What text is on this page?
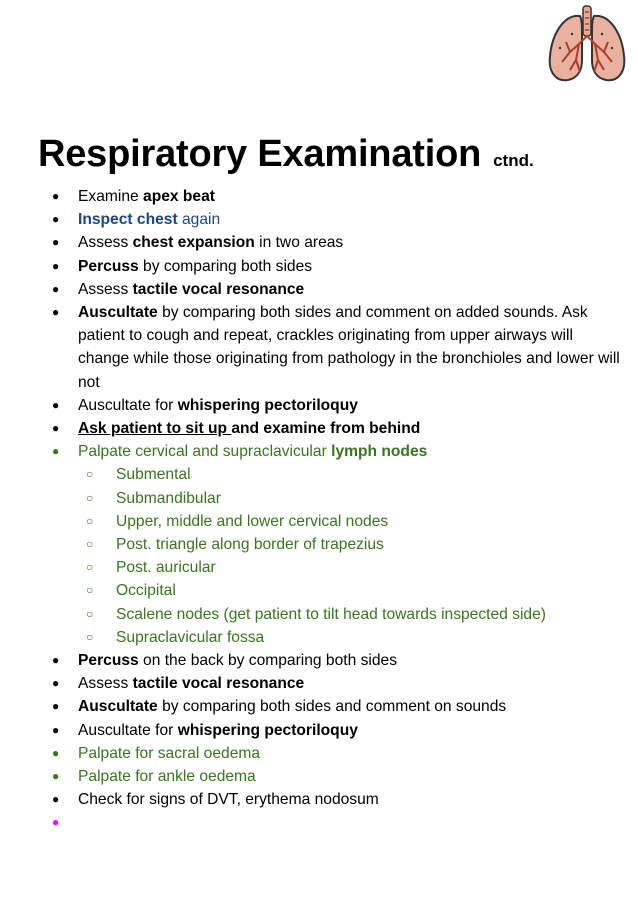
Respiratory Examination ctnd.
● Examine apex beat
● Inspect chest again
● Assess chest expansion in two areas
● Percuss by comparing both sides
● Assess tactile vocal resonance
● Auscultate by comparing both sides and comment on added sounds. Ask patient to cough and repeat, crackles originating from upper airways will change while those originating from pathology in the bronchioles and lower will not
● Auscultate for whispering pectoriloquy
● Ask patient to sit up and examine from behind
● Palpate cervical and supraclavicular lymph nodes
○ Submental
○ Submandibular
○ Upper, middle and lower cervical nodes
○ Post. triangle along border of trapezius
○ Post. auricular
○ Occipital
○ Scalene nodes (get patient to tilt head towards inspected side)
○ Supraclavicular fossa
● Percuss on the back by comparing both sides
● Assess tactile vocal resonance
● Auscultate by comparing both sides and comment on sounds
● Auscultate for whispering pectoriloquy
● Palpate for sacral oedema
● Palpate for ankle oedema
● Check for signs of DVT, erythema nodosum
●
